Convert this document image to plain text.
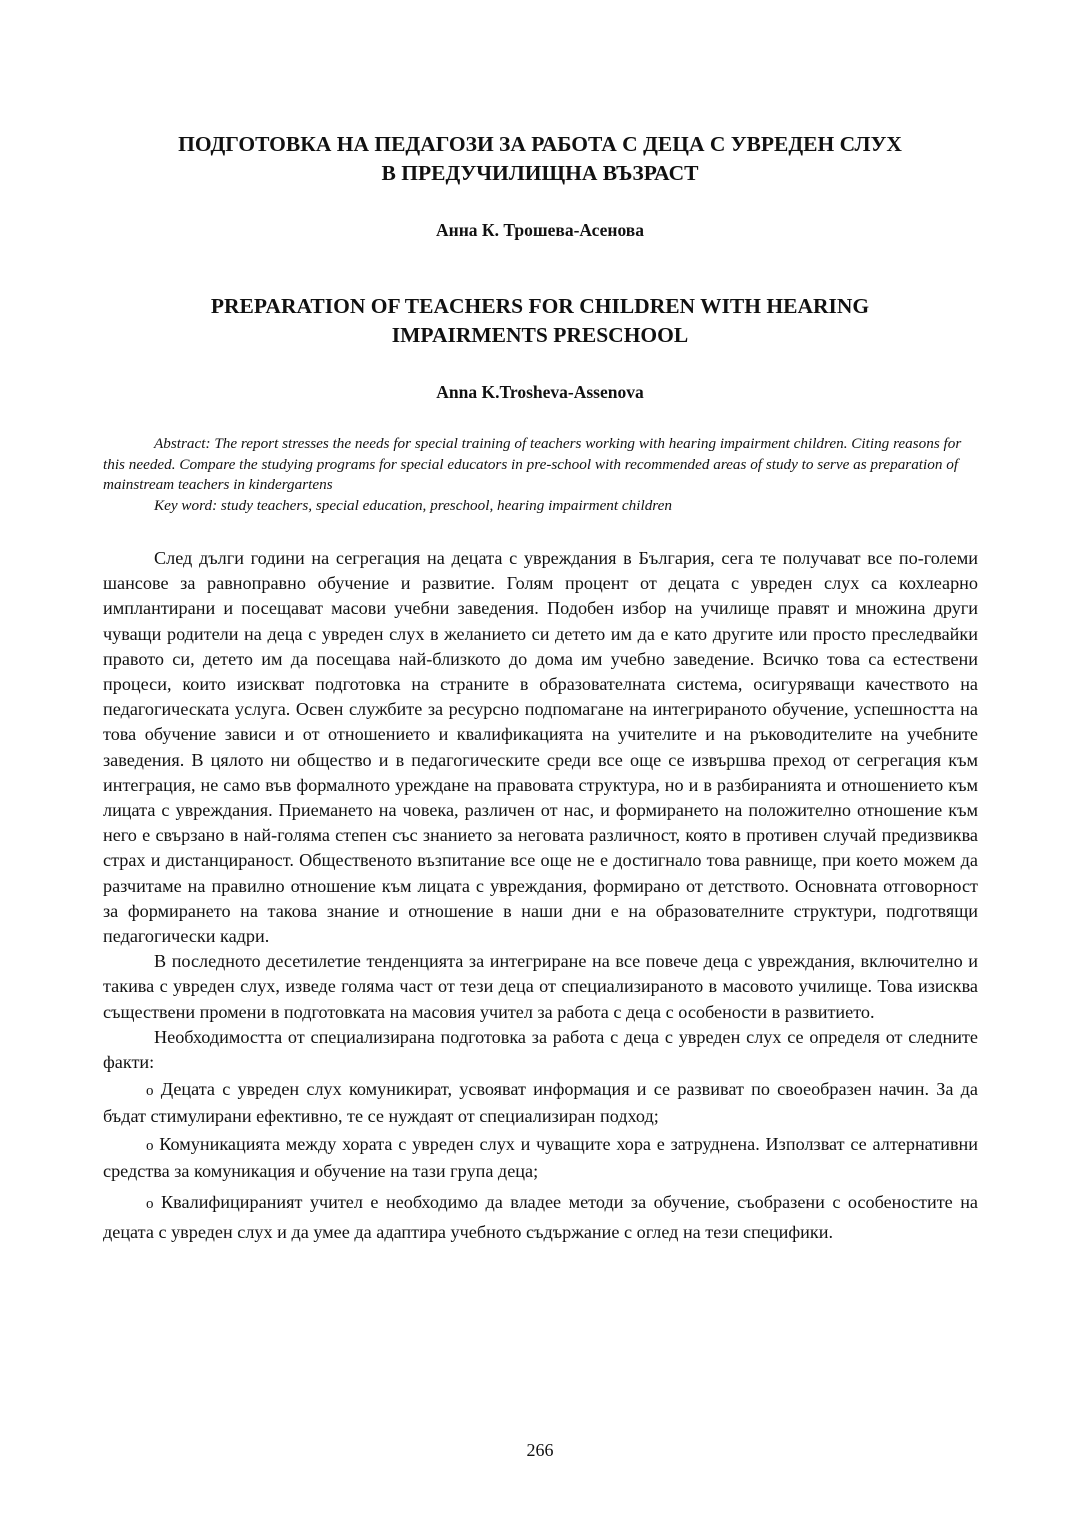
ПОДГОТОВКА НА ПЕДАГОЗИ ЗА РАБОТА С ДЕЦА С УВРЕДЕН СЛУХ
В ПРЕДУЧИЛИЩНА ВЪЗРАСТ
Анна К. Трошева-Асенова
PREPARATION OF TEACHERS FOR CHILDREN WITH HEARING
IMPAIRMENTS PRESCHOOL
Anna K.Trosheva-Assenova

Abstract: The report stresses the needs for special training of teachers working with hearing impairment children. Citing reasons for this needed. Compare the studying programs for special educators in pre-school with recommended areas of study to serve as preparation of mainstream teachers in kindergartens

Key word: study teachers, special education, preschool, hearing impairment children

След дълги години на сегрегация на децата с увреждания в България, сега те получават все по-големи шансове за равноправно обучение и развитие. Голям процент от децата с увреден слух са кохлеарно имплантирани и посещават масови учебни заведения. Подобен избор на училище правят и множина други чуващи родители на деца с увреден слух в желанието си детето им да е като другите или просто преследвайки правото си, детето им да посещава най-близкото до дома им учебно заведение. Всичко това са естествени процеси, които изискват подготовка на страните в образователната система, осигуряващи качеството на педагогическата услуга. Освен службите за ресурсно подпомагане на интегрираното обучение, успешността на това обучение зависи и от отношението и квалификацията на учителите и на ръководителите на учебните заведения. В цялото ни общество и в педагогическите среди все още се извършва преход от сегрегация към интеграция, не само във формалното уреждане на правовата структура, но и в разбиранията и отношението към лицата с увреждания. Приемането на човека, различен от нас, и формирането на положително отношение към него е свързано в най-голяма степен със знанието за неговата различност, която в противен случай предизвиква страх и дистанцираност. Общественото възпитание все още не е достигнало това равнище, при което можем да разчитаме на правилно отношение към лицата с увреждания, формирано от детството. Основната отговорност за формирането на такова знание и отношение в наши дни е на образователните структури, подготвящи педагогически кадри.

В последното десетилетие тенденцията за интегриране на все повече деца с увреждания, включително и такива с увреден слух, изведе голяма част от тези деца от специализираното в масовото училище. Това изисква съществени промени в подготовката на масовия учител за работа с деца с особености в развитието.

Необходимостта от специализирана подготовка за работа с деца с увреден слух се определя от следните факти:

o Децата с увреден слух комуникират, усвояват информация и се развиват по своеобразен начин. За да бъдат стимулирани ефективно, те се нуждаят от специализиран подход;

o Комуникацията между хората с увреден слух и чуващите хора е затруднена. Използват се алтернативни средства за комуникация и обучение на тази група деца;

o Квалифицираният учител е необходимо да владее методи за обучение, съобразени с особеностите на децата с увреден слух и да умее да адаптира учебното съдържание с оглед на тези специфики.

266
